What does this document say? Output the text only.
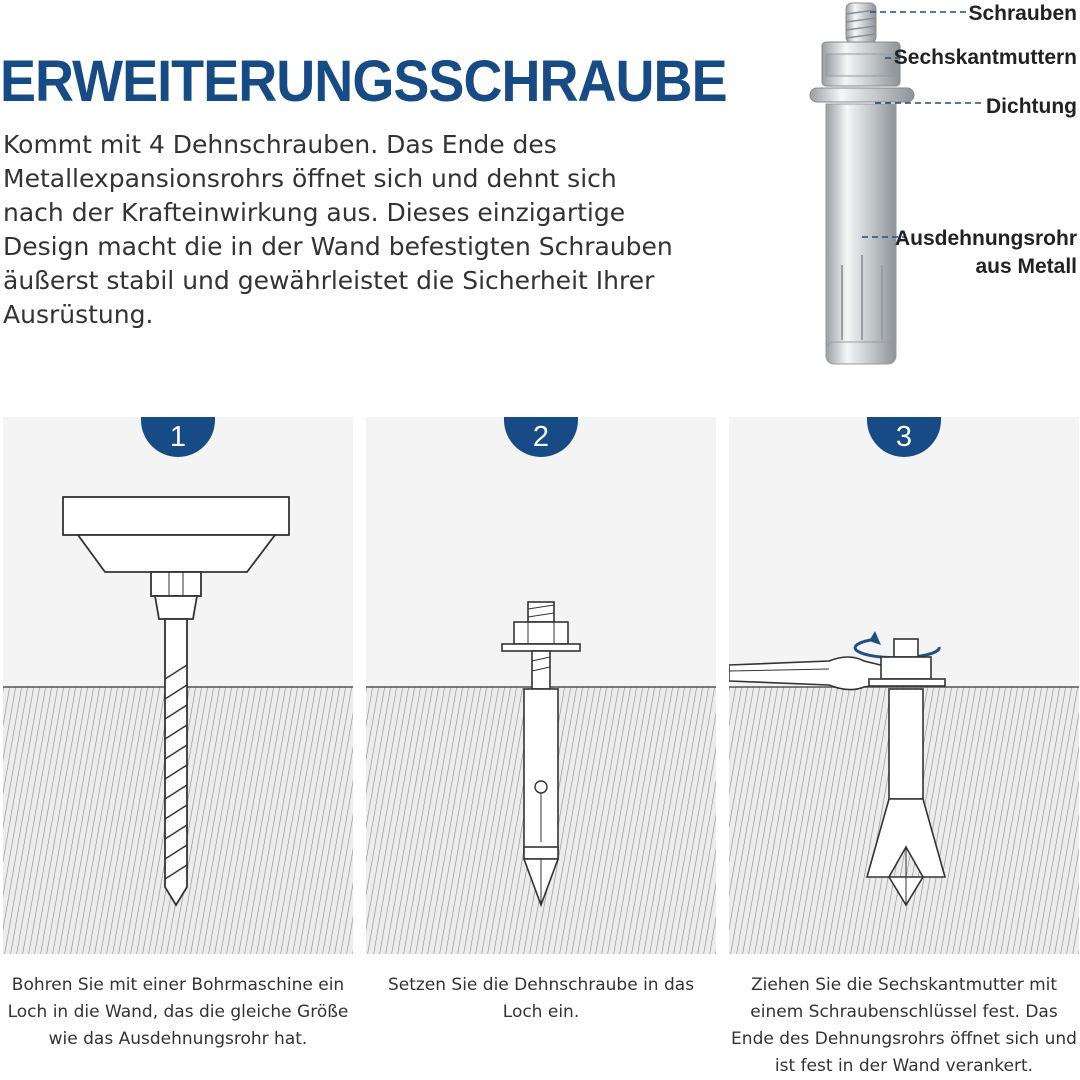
ERWEITERUNGSSCHRAUBE
Kommt mit 4 Dehnschrauben. Das Ende des Metallexpansionsrohrs öffnet sich und dehnt sich nach der Krafteinwirkung aus. Dieses einzigartige Design macht die in der Wand befestigten Schrauben äußerst stabil und gewährleistet die Sicherheit Ihrer Ausrüstung.
Schrauben
Sechskantmuttern
Dichtung
Ausdehnungsrohr
aus Metall
1
Bohren Sie mit einer Bohrmaschine ein Loch in die Wand, das die gleiche Größe wie das Ausdehnungsrohr hat.
2
Setzen Sie die Dehnschraube in das Loch ein.
3
Ziehen Sie die Sechskantmutter mit einem Schraubenschlüssel fest. Das Ende des Dehnungsrohrs öffnet sich und ist fest in der Wand verankert.
